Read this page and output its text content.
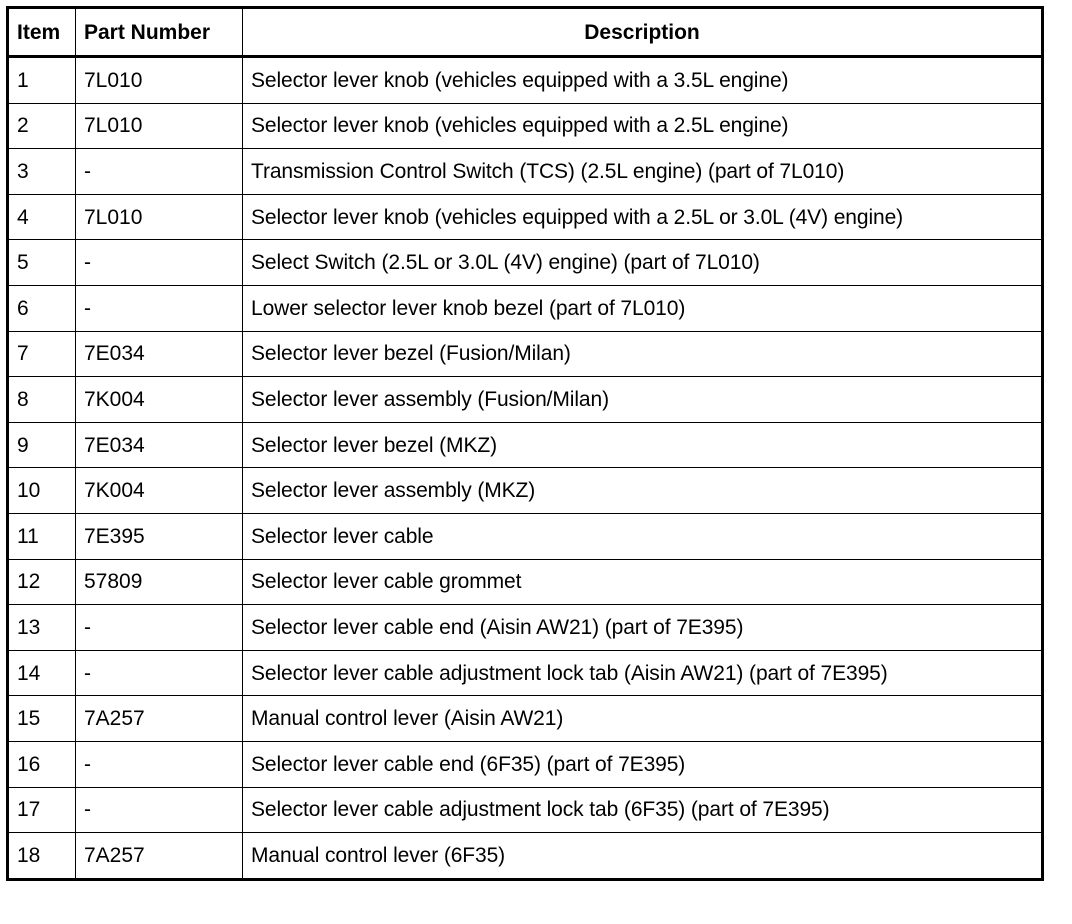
Item	Part Number	Description
1	7L010	Selector lever knob (vehicles equipped with a 3.5L engine)
2	7L010	Selector lever knob (vehicles equipped with a 2.5L engine)
3	-	Transmission Control Switch (TCS) (2.5L engine) (part of 7L010)
4	7L010	Selector lever knob (vehicles equipped with a 2.5L or 3.0L (4V) engine)
5	-	Select Switch (2.5L or 3.0L (4V) engine) (part of 7L010)
6	-	Lower selector lever knob bezel (part of 7L010)
7	7E034	Selector lever bezel (Fusion/Milan)
8	7K004	Selector lever assembly (Fusion/Milan)
9	7E034	Selector lever bezel (MKZ)
10	7K004	Selector lever assembly (MKZ)
11	7E395	Selector lever cable
12	57809	Selector lever cable grommet
13	-	Selector lever cable end (Aisin AW21) (part of 7E395)
14	-	Selector lever cable adjustment lock tab (Aisin AW21) (part of 7E395)
15	7A257	Manual control lever (Aisin AW21)
16	-	Selector lever cable end (6F35) (part of 7E395)
17	-	Selector lever cable adjustment lock tab (6F35) (part of 7E395)
18	7A257	Manual control lever (6F35)
